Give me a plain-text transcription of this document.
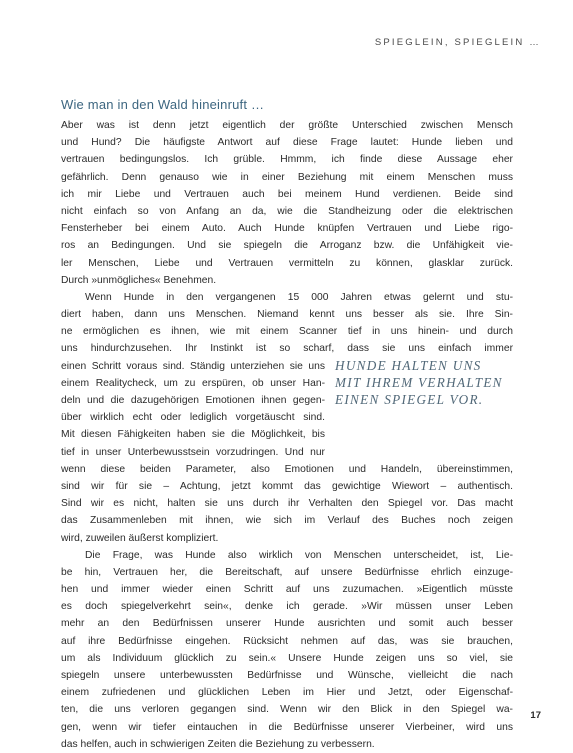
SPIEGLEIN, SPIEGLEIN …
Wie man in den Wald hineinruft …
Aber was ist denn jetzt eigentlich der größte Unterschied zwischen Mensch
und Hund? Die häufigste Antwort auf diese Frage lautet: Hunde lieben und
vertrauen bedingungslos. Ich grüble. Hmmm, ich finde diese Aussage eher
gefährlich. Denn genauso wie in einer Beziehung mit einem Menschen muss
ich mir Liebe und Vertrauen auch bei meinem Hund verdienen. Beide sind
nicht einfach so von Anfang an da, wie die Standheizung oder die elektrischen
Fensterheber bei einem Auto. Auch Hunde knüpfen Vertrauen und Liebe rigo-
ros an Bedingungen. Und sie spiegeln die Arroganz bzw. die Unfähigkeit vie-
ler Menschen, Liebe und Vertrauen vermitteln zu können, glasklar zurück.
Durch »unmögliches« Benehmen.
Wenn Hunde in den vergangenen 15 000 Jahren etwas gelernt und stu-
diert haben, dann uns Menschen. Niemand kennt uns besser als sie. Ihre Sin-
ne ermöglichen es ihnen, wie mit einem Scanner tief in uns hinein- und durch
uns hindurchzusehen. Ihr Instinkt ist so scharf, dass sie uns einfach immer
einen Schritt voraus sind. Ständig unterziehen sie uns
einem Realitycheck, um zu erspüren, ob unser Han-
deln und die dazugehörigen Emotionen ihnen gegen-
über wirklich echt oder lediglich vorgetäuscht sind.
Mit diesen Fähigkeiten haben sie die Möglichkeit, bis
tief in unser Unterbewusstsein vorzudringen. Und nur
wenn diese beiden Parameter, also Emotionen und Handeln, übereinstimmen,
sind wir für sie – Achtung, jetzt kommt das gewichtige Wiewort – authentisch.
Sind wir es nicht, halten sie uns durch ihr Verhalten den Spiegel vor. Das macht
das Zusammenleben mit ihnen, wie sich im Verlauf des Buches noch zeigen
wird, zuweilen äußerst kompliziert.
Die Frage, was Hunde also wirklich von Menschen unterscheidet, ist, Lie-
be hin, Vertrauen her, die Bereitschaft, auf unsere Bedürfnisse ehrlich einzuge-
hen und immer wieder einen Schritt auf uns zuzumachen. »Eigentlich müsste
es doch spiegelverkehrt sein«, denke ich gerade. »Wir müssen unser Leben
mehr an den Bedürfnissen unserer Hunde ausrichten und somit auch besser
auf ihre Bedürfnisse eingehen. Rücksicht nehmen auf das, was sie brauchen,
um als Individuum glücklich zu sein.« Unsere Hunde zeigen uns so viel, sie
spiegeln unsere unterbewussten Bedürfnisse und Wünsche, vielleicht die nach
einem zufriedenen und glücklichen Leben im Hier und Jetzt, oder Eigenschaf-
ten, die uns verloren gegangen sind. Wenn wir den Blick in den Spiegel wa-
gen, wenn wir tiefer eintauchen in die Bedürfnisse unserer Vierbeiner, wird uns
das helfen, auch in schwierigen Zeiten die Beziehung zu verbessern.
HUNDE HALTEN UNS
MIT IHREM VERHALTEN
EINEN SPIEGEL VOR.
17
